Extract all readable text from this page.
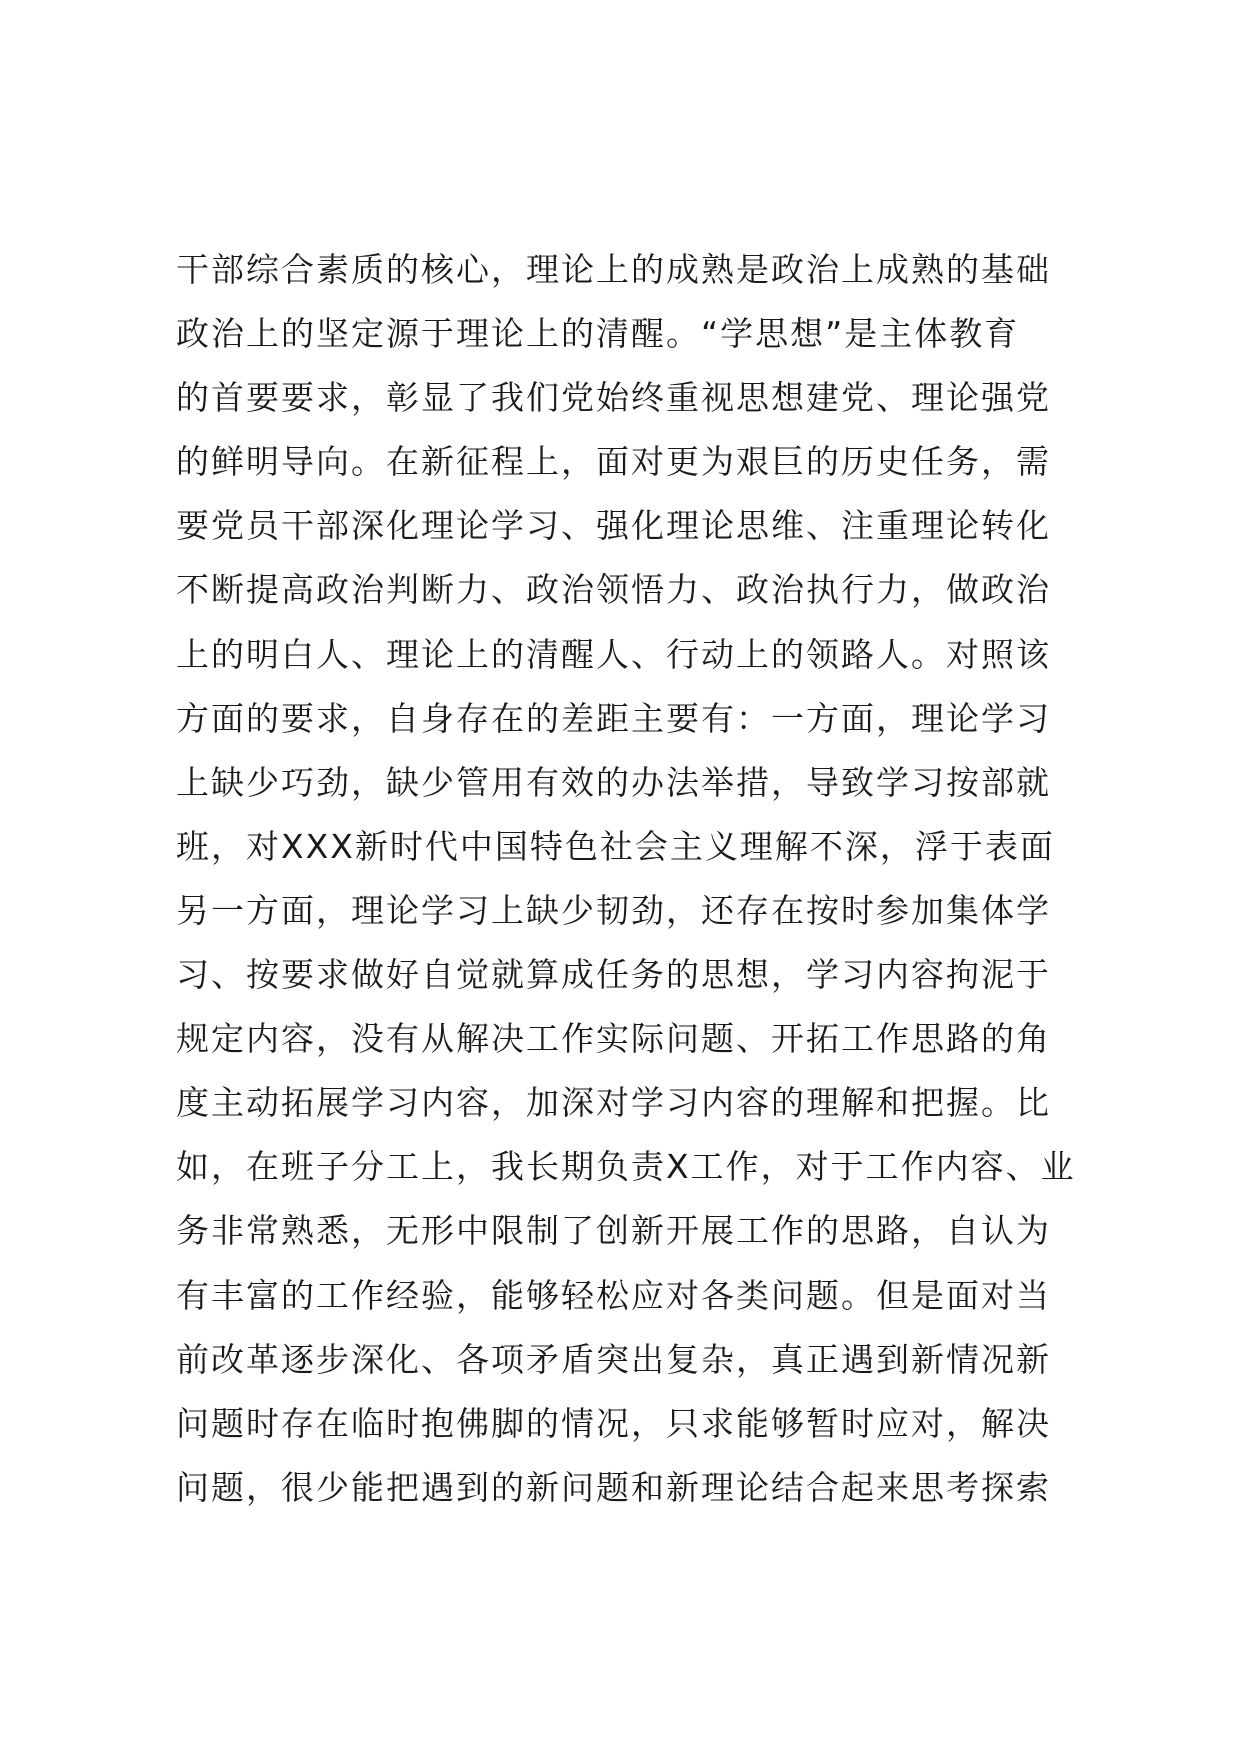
干部综合素质的核心，理论上的成熟是政治上成熟的基础
政治上的坚定源于理论上的清醒。“学思想”是主体教育
的首要要求，彰显了我们党始终重视思想建党、理论强党
的鲜明导向。在新征程上，面对更为艰巨的历史任务，需
要党员干部深化理论学习、强化理论思维、注重理论转化
不断提高政治判断力、政治领悟力、政治执行力，做政治
上的明白人、理论上的清醒人、行动上的领路人。对照该
方面的要求，自身存在的差距主要有：一方面，理论学习
上缺少巧劲，缺少管用有效的办法举措，导致学习按部就
班，对XXX新时代中国特色社会主义理解不深，浮于表面
另一方面，理论学习上缺少韧劲，还存在按时参加集体学
习、按要求做好自觉就算成任务的思想，学习内容拘泥于
规定内容，没有从解决工作实际问题、开拓工作思路的角
度主动拓展学习内容，加深对学习内容的理解和把握。比
如，在班子分工上，我长期负责X工作，对于工作内容、业
务非常熟悉，无形中限制了创新开展工作的思路，自认为
有丰富的工作经验，能够轻松应对各类问题。但是面对当
前改革逐步深化、各项矛盾突出复杂，真正遇到新情况新
问题时存在临时抱佛脚的情况，只求能够暂时应对，解决
问题，很少能把遇到的新问题和新理论结合起来思考探索
